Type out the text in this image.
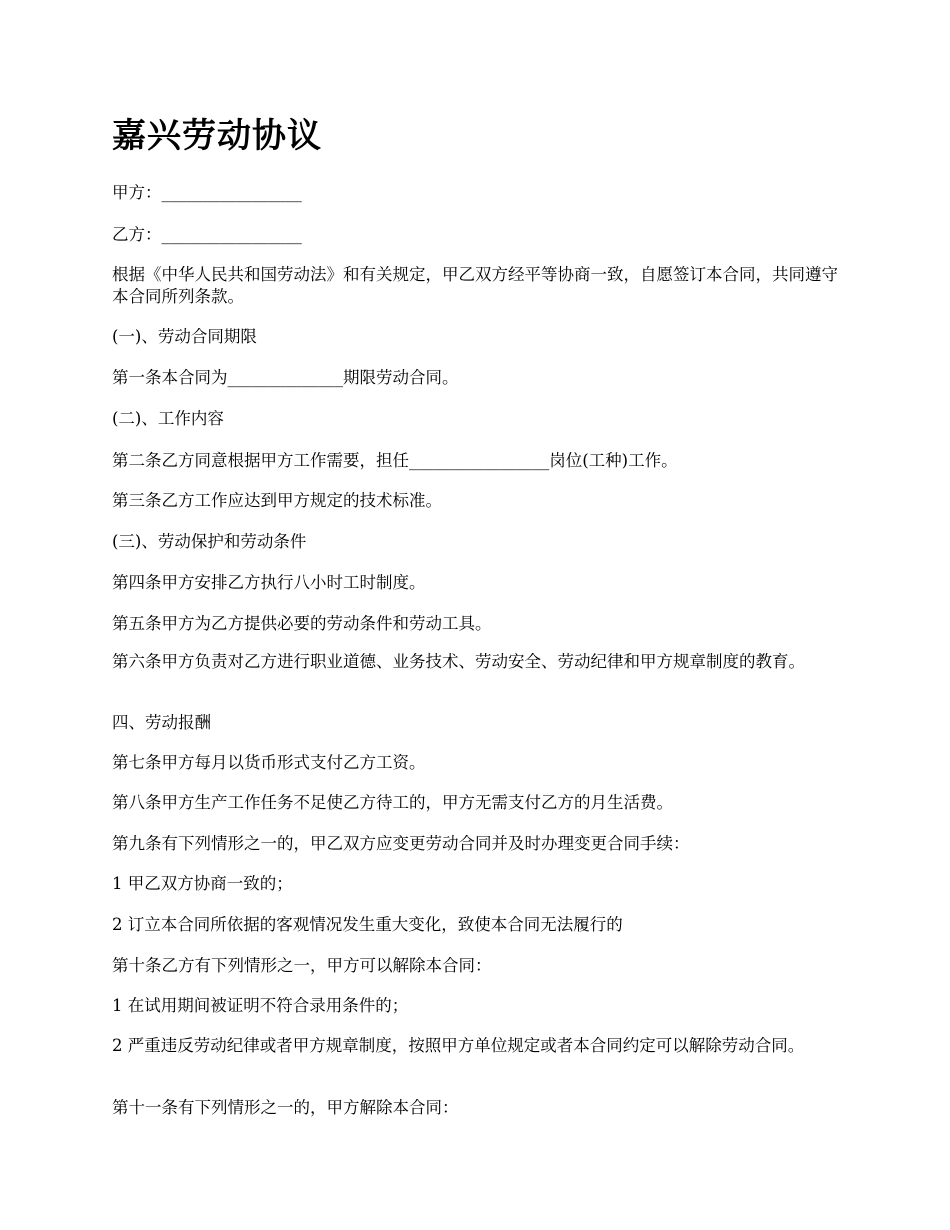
嘉兴劳动协议

甲方：_________________

乙方：_________________

根据《中华人民共和国劳动法》和有关规定，甲乙双方经平等协商一致，自愿签订本合同，共同遵守本合同所列条款。

(一)、劳动合同期限

第一条本合同为______________期限劳动合同。

(二)、工作内容

第二条乙方同意根据甲方工作需要，担任_________________岗位(工种)工作。

第三条乙方工作应达到甲方规定的技术标准。

(三)、劳动保护和劳动条件

第四条甲方安排乙方执行八小时工时制度。

第五条甲方为乙方提供必要的劳动条件和劳动工具。

第六条甲方负责对乙方进行职业道德、业务技术、劳动安全、劳动纪律和甲方规章制度的教育。

四、劳动报酬

第七条甲方每月以货币形式支付乙方工资。

第八条甲方生产工作任务不足使乙方待工的，甲方无需支付乙方的月生活费。

第九条有下列情形之一的，甲乙双方应变更劳动合同并及时办理变更合同手续：

1 甲乙双方协商一致的；

2 订立本合同所依据的客观情况发生重大变化，致使本合同无法履行的

第十条乙方有下列情形之一，甲方可以解除本合同：

1 在试用期间被证明不符合录用条件的；

2 严重违反劳动纪律或者甲方规章制度，按照甲方单位规定或者本合同约定可以解除劳动合同。

第十一条有下列情形之一的，甲方解除本合同：
